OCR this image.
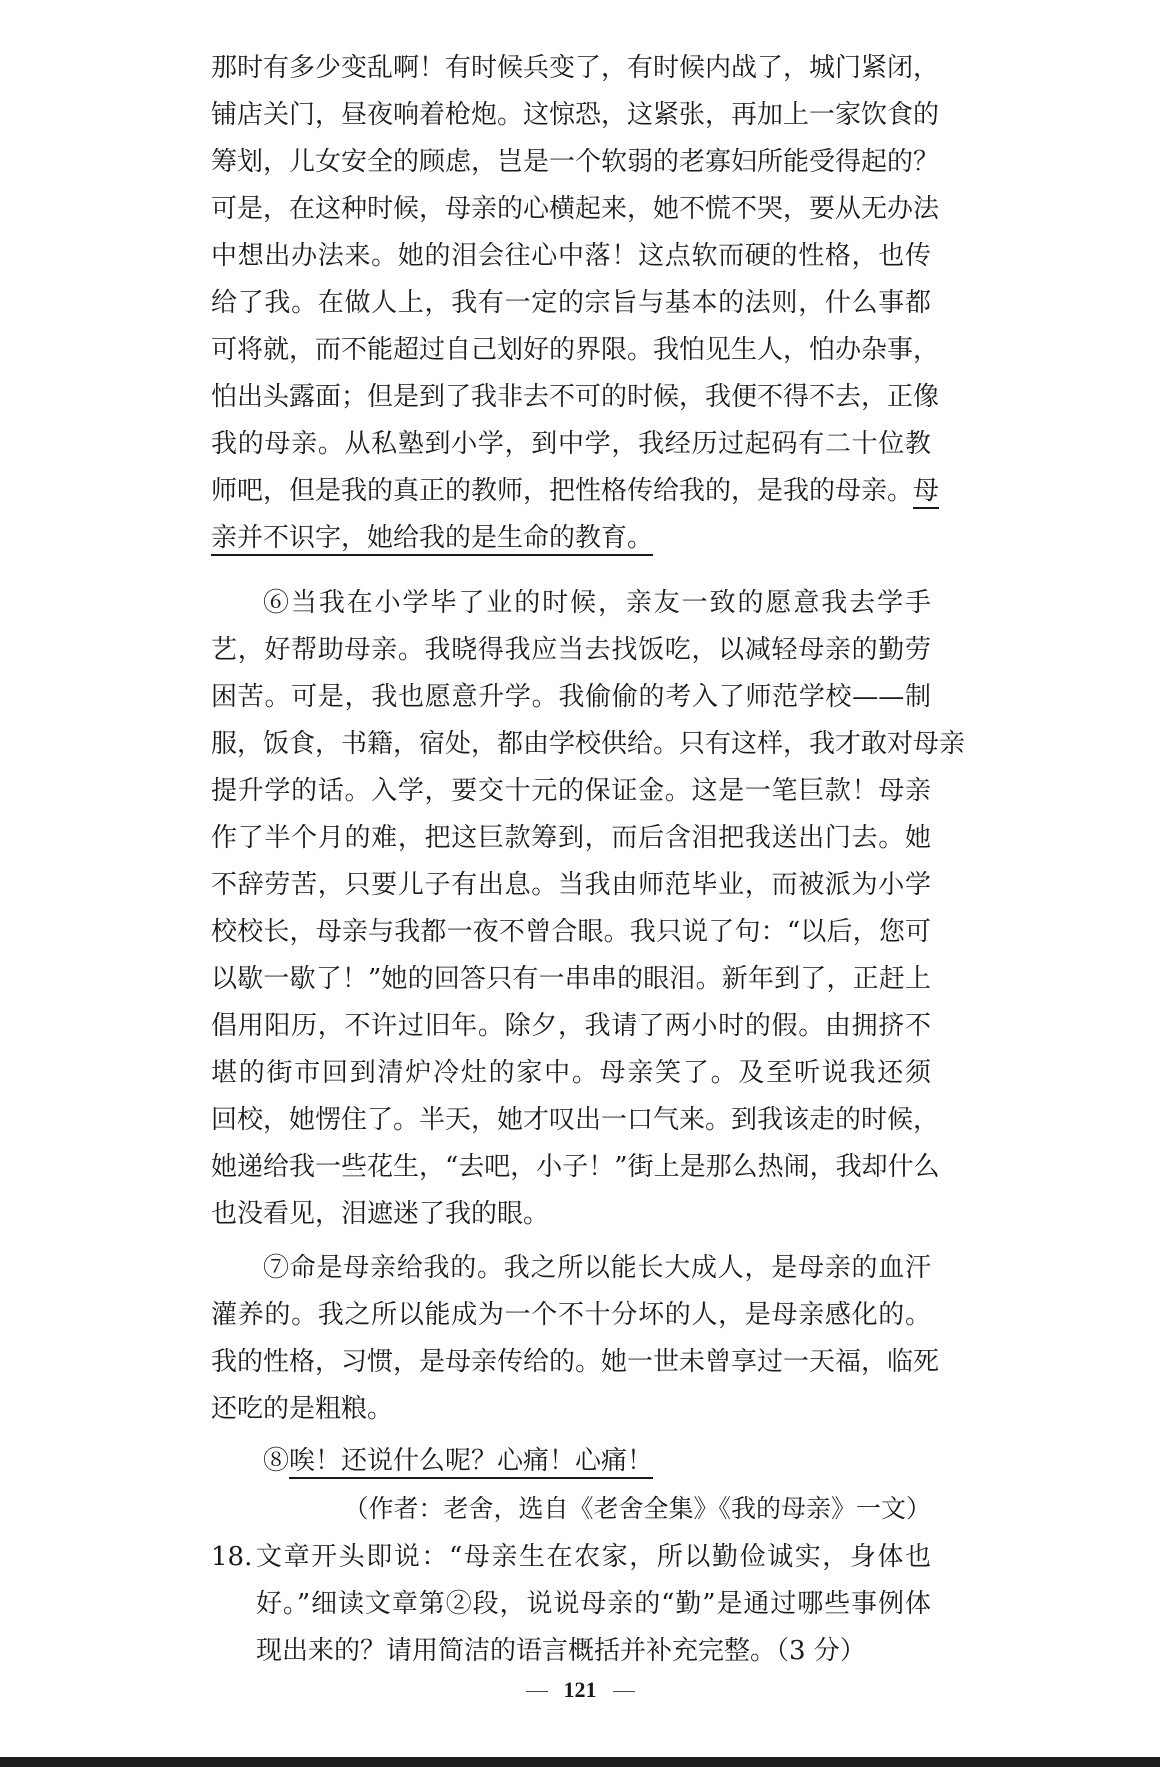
那时有多少变乱啊！有时候兵变了，有时候内战了，城门紧闭，
铺店关门，昼夜响着枪炮。这惊恐，这紧张，再加上一家饮食的
筹划，儿女安全的顾虑，岂是一个软弱的老寡妇所能受得起的？
可是，在这种时候，母亲的心横起来，她不慌不哭，要从无办法
中想出办法来。她的泪会往心中落！这点软而硬的性格，也传
给了我。在做人上，我有一定的宗旨与基本的法则，什么事都
可将就，而不能超过自己划好的界限。我怕见生人，怕办杂事，
怕出头露面；但是到了我非去不可的时候，我便不得不去，正像
我的母亲。从私塾到小学，到中学，我经历过起码有二十位教
师吧，但是我的真正的教师，把性格传给我的，是我的母亲。母
亲并不识字，她给我的是生命的教育。
⑥当我在小学毕了业的时候，亲友一致的愿意我去学手
艺，好帮助母亲。我晓得我应当去找饭吃，以减轻母亲的勤劳
困苦。可是，我也愿意升学。我偷偷的考入了师范学校——制
服，饭食，书籍，宿处，都由学校供给。只有这样，我才敢对母亲
提升学的话。入学，要交十元的保证金。这是一笔巨款！母亲
作了半个月的难，把这巨款筹到，而后含泪把我送出门去。她
不辞劳苦，只要儿子有出息。当我由师范毕业，而被派为小学
校校长，母亲与我都一夜不曾合眼。我只说了句：“以后，您可
以歇一歇了！”她的回答只有一串串的眼泪。新年到了，正赶上
倡用阳历，不许过旧年。除夕，我请了两小时的假。由拥挤不
堪的街市回到清炉冷灶的家中。母亲笑了。及至听说我还须
回校，她愣住了。半天，她才叹出一口气来。到我该走的时候，
她递给我一些花生，“去吧，小子！”街上是那么热闹，我却什么
也没看见，泪遮迷了我的眼。
⑦命是母亲给我的。我之所以能长大成人，是母亲的血汗
灌养的。我之所以能成为一个不十分坏的人，是母亲感化的。
我的性格，习惯，是母亲传给的。她一世未曾享过一天福，临死
还吃的是粗粮。
⑧唉！还说什么呢？心痛！心痛！
（作者：老舍，选自《老舍全集》《我的母亲》一文）
18. 文章开头即说：“母亲生在农家，所以勤俭诚实，身体也
好。”细读文章第②段，说说母亲的“勤”是通过哪些事例体
现出来的？请用简洁的语言概括并补充完整。（3 分）
121
